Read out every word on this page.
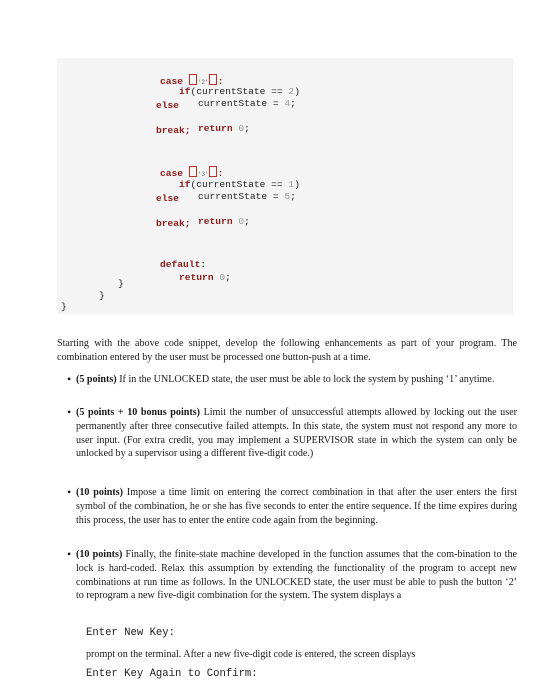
case '2' :

if(currentState == 2)

currentState = 4;

else

return 0;

break;

case '3' :

if(currentState == 1)

currentState = 5;

else

return 0;

break;

default:

return 0;

}
}
}
Starting with the above code snippet, develop the following enhancements as part of your program. The combination entered by the user must be processed one button-push at a time.
• (5 points) If in the UNLOCKED state, the user must be able to lock the system by pushing ‘1’ anytime.
• (5 points + 10 bonus points) Limit the number of unsuccessful attempts allowed by locking out the user permanently after three consecutive failed attempts. In this state, the system must not respond any more to user input. (For extra credit, you may implement a SUPERVISOR state in which the system can only be unlocked by a supervisor using a different five-digit code.)
• (10 points) Impose a time limit on entering the correct combination in that after the user enters the first symbol of the combination, he or she has five seconds to enter the entire sequence. If the time expires during this process, the user has to enter the entire code again from the beginning.
• (10 points) Finally, the finite-state machine developed in the function assumes that the com-bination to the lock is hard-coded. Relax this assumption by extending the functionality of the program to accept new combinations at run time as follows. In the UNLOCKED state, the user must be able to push the button ‘2’ to reprogram a new five-digit combination for the system. The system displays a
Enter New Key:
prompt on the terminal. After a new five-digit code is entered, the screen displays
Enter Key Again to Confirm:
